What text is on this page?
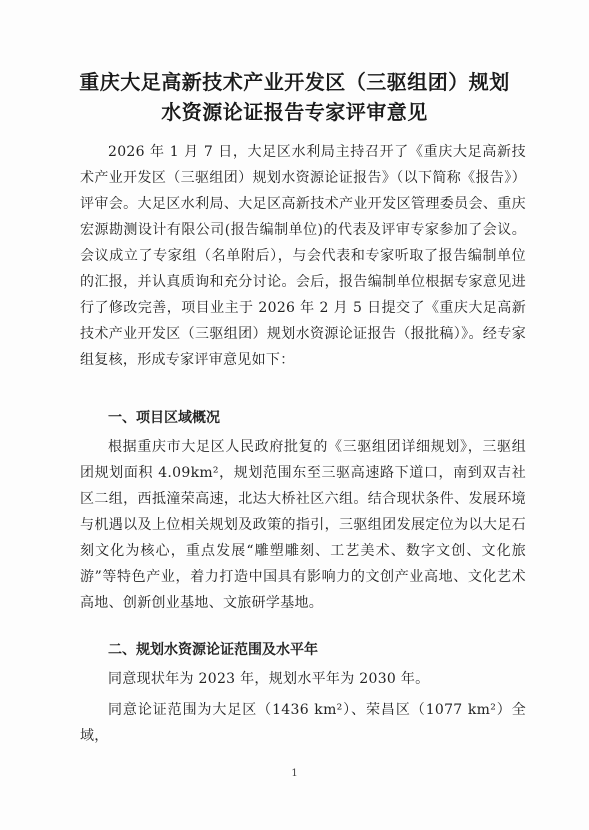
重庆大足高新技术产业开发区（三驱组团）规划
水资源论证报告专家评审意见

2026 年 1 月 7 日，大足区水利局主持召开了《重庆大足高新技术产业开发区（三驱组团）规划水资源论证报告》（以下简称《报告》）评审会。大足区水利局、大足区高新技术产业开发区管理委员会、重庆宏源勘测设计有限公司(报告编制单位)的代表及评审专家参加了会议。会议成立了专家组（名单附后），与会代表和专家听取了报告编制单位的汇报，并认真质询和充分讨论。会后，报告编制单位根据专家意见进行了修改完善，项目业主于 2026 年 2 月 5 日提交了《重庆大足高新技术产业开发区（三驱组团）规划水资源论证报告（报批稿）》。经专家组复核，形成专家评审意见如下：

一、项目区域概况

根据重庆市大足区人民政府批复的《三驱组团详细规划》，三驱组团规划面积 4.09km²，规划范围东至三驱高速路下道口，南到双吉社区二组，西抵潼荣高速，北达大桥社区六组。结合现状条件、发展环境与机遇以及上位相关规划及政策的指引，三驱组团发展定位为以大足石刻文化为核心，重点发展“雕塑雕刻、工艺美术、数字文创、文化旅游”等特色产业，着力打造中国具有影响力的文创产业高地、文化艺术高地、创新创业基地、文旅研学基地。

二、规划水资源论证范围及水平年

同意现状年为 2023 年，规划水平年为 2030 年。

同意论证范围为大足区（1436 km²）、荣昌区（1077 km²）全域，

1
